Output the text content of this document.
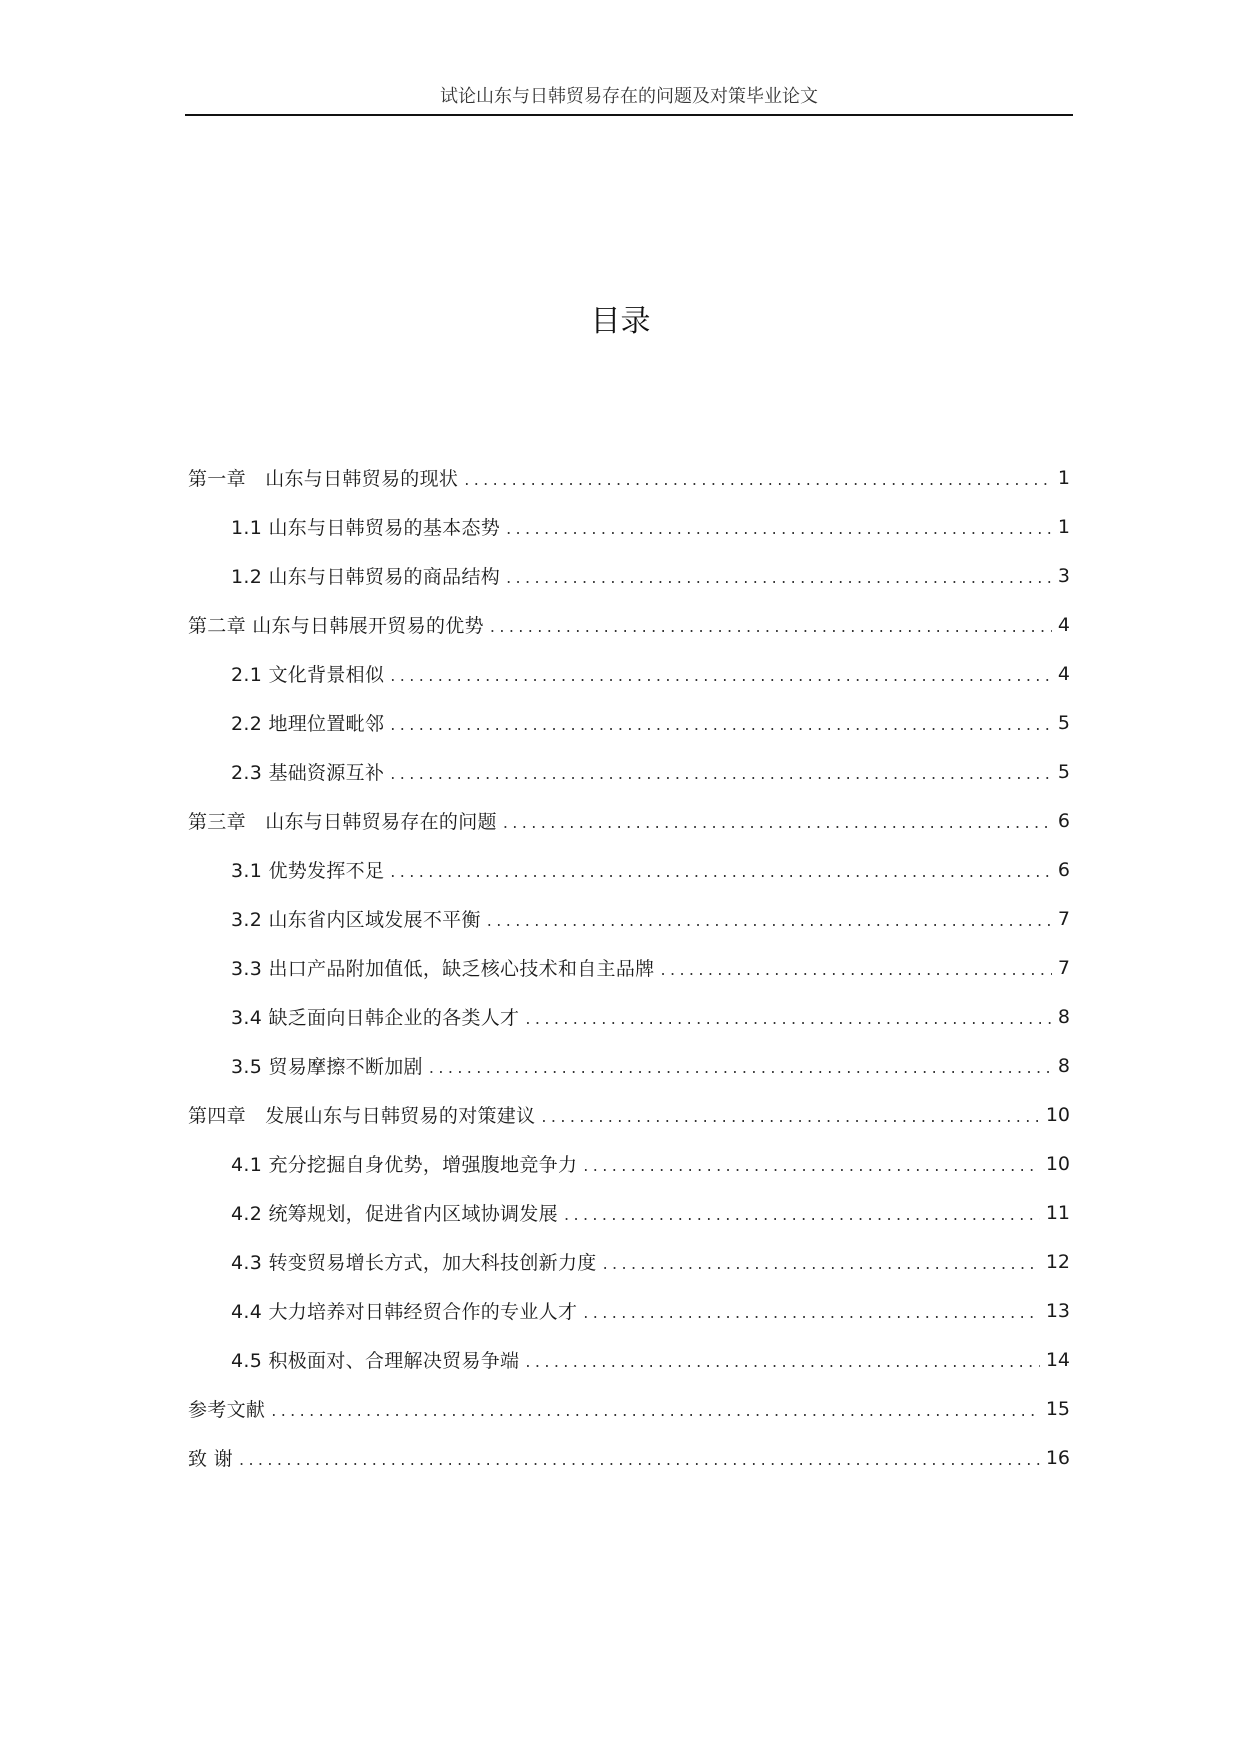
试论山东与日韩贸易存在的问题及对策毕业论文
目录
第一章　山东与日韩贸易的现状 .....	1
1.1 山东与日韩贸易的基本态势 .....	1
1.2 山东与日韩贸易的商品结构 .....	3
第二章 山东与日韩展开贸易的优势 .....	4
2.1 文化背景相似 .....	4
2.2 地理位置毗邻 .....	5
2.3 基础资源互补 .....	5
第三章　山东与日韩贸易存在的问题 .....	6
3.1 优势发挥不足 .....	6
3.2 山东省内区域发展不平衡 .....	7
3.3 出口产品附加值低，缺乏核心技术和自主品牌 .....	7
3.4 缺乏面向日韩企业的各类人才 .....	8
3.5 贸易摩擦不断加剧 .....	8
第四章　发展山东与日韩贸易的对策建议 .....	10
4.1 充分挖掘自身优势，增强腹地竞争力 .....	10
4.2 统筹规划，促进省内区域协调发展 .....	11
4.3 转变贸易增长方式，加大科技创新力度 .....	12
4.4 大力培养对日韩经贸合作的专业人才 .....	13
4.5 积极面对、合理解决贸易争端 .....	14
参考文献 .....	15
致 谢 .....	16
